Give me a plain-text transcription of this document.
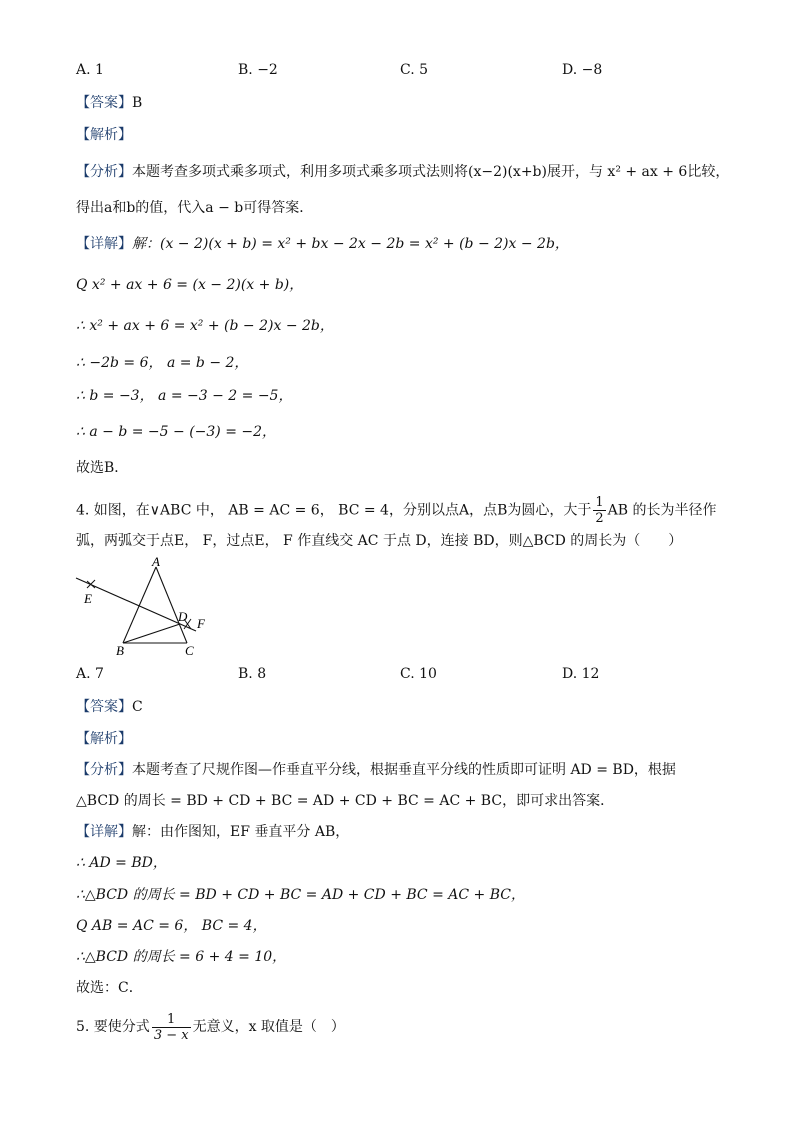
A. 1	B. −2	C. 5	D. −8
【答案】B
【解析】
【分析】本题考查多项式乘多项式，利用多项式乘多项式法则将(x−2)(x+b)展开，与 x² + ax + 6比较，
得出a和b的值，代入a − b可得答案．
【详解】解：(x − 2)(x + b) = x² + bx − 2x − 2b = x² + (b − 2)x − 2b，
Q x² + ax + 6 = (x − 2)(x + b)，
∴ x² + ax + 6 = x² + (b − 2)x − 2b，
∴ −2b = 6， a = b − 2，
∴ b = −3， a = −3 − 2 = −5，
∴ a − b = −5 − (−3) = −2，
故选B．
4. 如图，在∨ABC 中， AB = AC = 6， BC = 4，分别以点A，点B为圆心，大于 $\frac{1}{2}$ AB 的长为半径作
弧，两弧交于点E， F，过点E， F 作直线交 AC 于点 D，连接 BD，则△BCD 的周长为（　　）
A
B	C
D
E
F
A. 7	B. 8	C. 10	D. 12
【答案】C
【解析】
【分析】本题考查了尺规作图—作垂直平分线，根据垂直平分线的性质即可证明 AD = BD，根据
△BCD 的周长 = BD + CD + BC = AD + CD + BC = AC + BC，即可求出答案．
【详解】解：由作图知，EF 垂直平分 AB，
∴ AD = BD，
∴△BCD 的周长 = BD + CD + BC = AD + CD + BC = AC + BC，
Q AB = AC = 6， BC = 4，
∴△BCD 的周长 = 6 + 4 = 10，
故选：C．
5. 要使分式 $\frac{1}{3 - x}$ 无意义，x 取值是（　）
